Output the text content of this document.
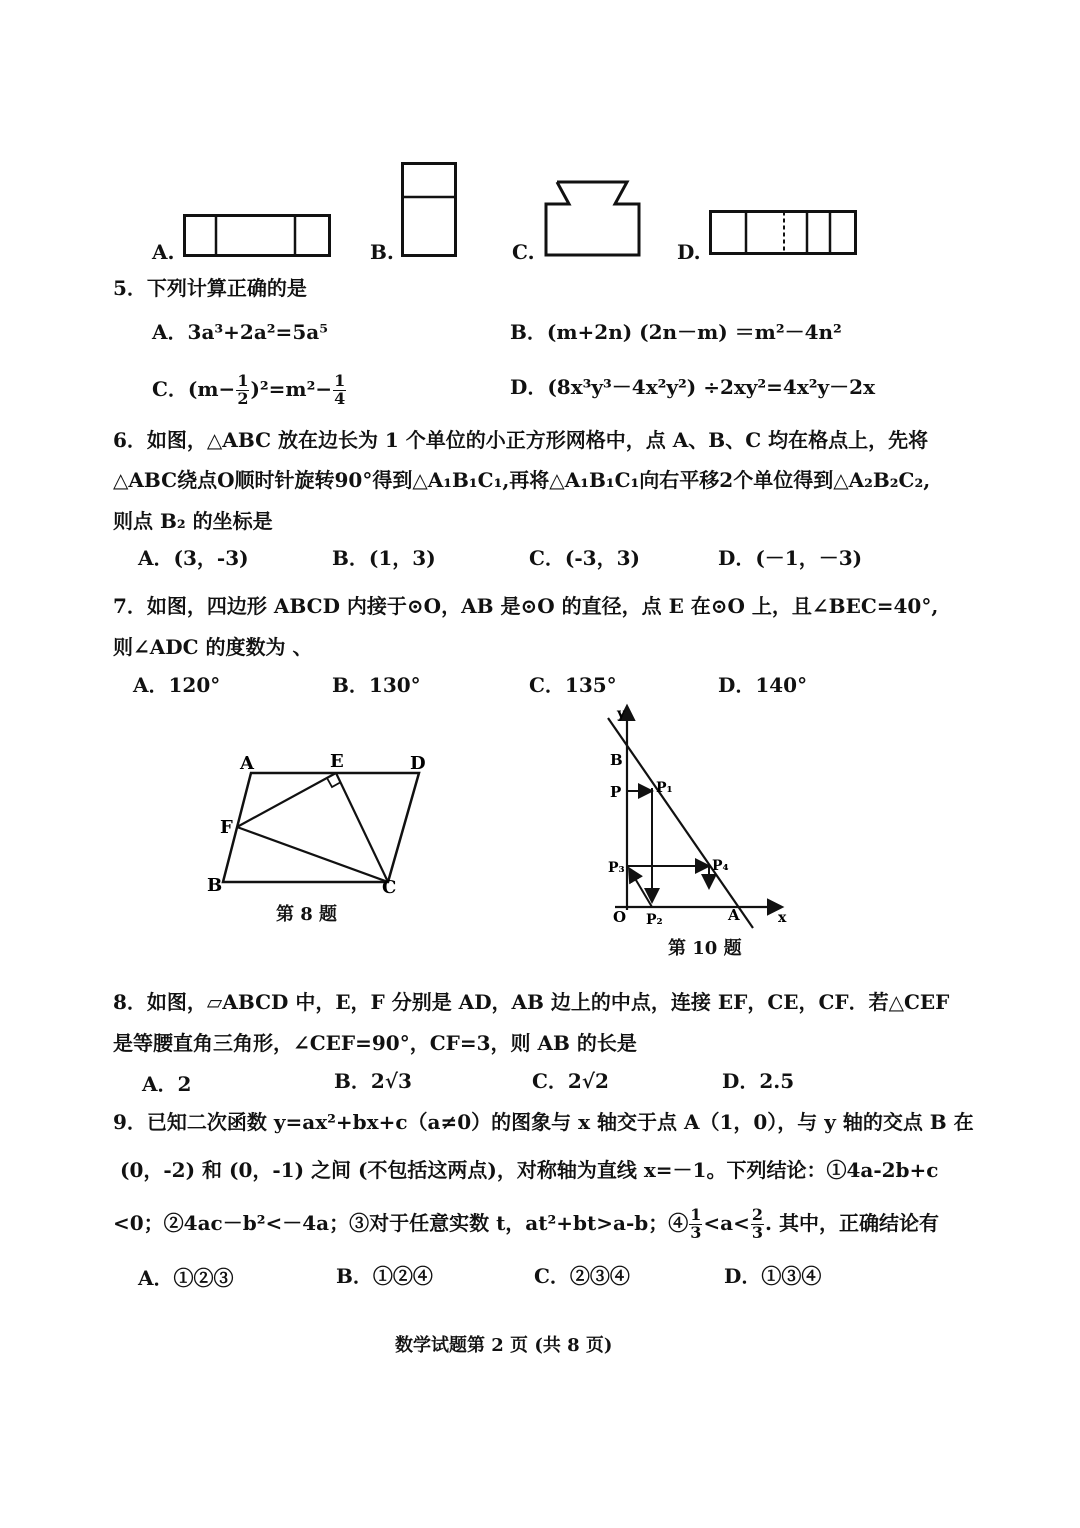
A.	B.	C.	D.
5．下列计算正确的是
A．3a³+2a²=5a⁵	B．(m+2n) (2n－m) ＝m²－4n²
C．$(m- \frac{1}{2} )^2=m^2- \frac{1}{4}$	D．(8x³y³－4x²y²) ÷2xy²=4x²y－2x
6．如图，△ABC 放在边长为 1 个单位的小正方形网格中，点 A、B、C 均在格点上，先将
△ABC绕点O顺时针旋转90°得到△A₁B₁C₁,再将△A₁B₁C₁向右平移2个单位得到△A₂B₂C₂,
则点 B₂ 的坐标是
A．(3，-3)	B．(1，3)	C．(-3，3)	D．(－1，－3)
7．如图，四边形 ABCD 内接于⊙O，AB 是⊙O 的直径，点 E 在⊙O 上，且∠BEC=40°,
则∠ADC 的度数为 、
A．120°	B．130°	C．135°	D．140°
A	E	D
F
B	C
第 8 题
y
B
P P₁
P₃	P₄
O P₂	A	x
第 10 题
8．如图，▱ABCD 中，E，F 分别是 AD，AB 边上的中点，连接 EF，CE，CF．若△CEF
是等腰直角三角形，∠CEF=90°，CF=3，则 AB 的长是
A．2	B．2√3	C．2√2	D．2.5
9．已知二次函数 y=ax²+bx+c（a≠0）的图象与 x 轴交于点 A（1，0），与 y 轴的交点 B 在
(0，-2) 和 (0，-1) 之间 (不包括这两点)，对称轴为直线 x=－1。下列结论：①4a-2b+c
<0；②4ac－b²<－4a；③对于任意实数 t，at²+bt>a-b；④ $\frac{1}{3} <a< \frac{2}{3}$ . 其中，正确结论有
A．①②③	B．①②④	C．②③④	D．①③④
数学试题第 2 页 (共 8 页)
